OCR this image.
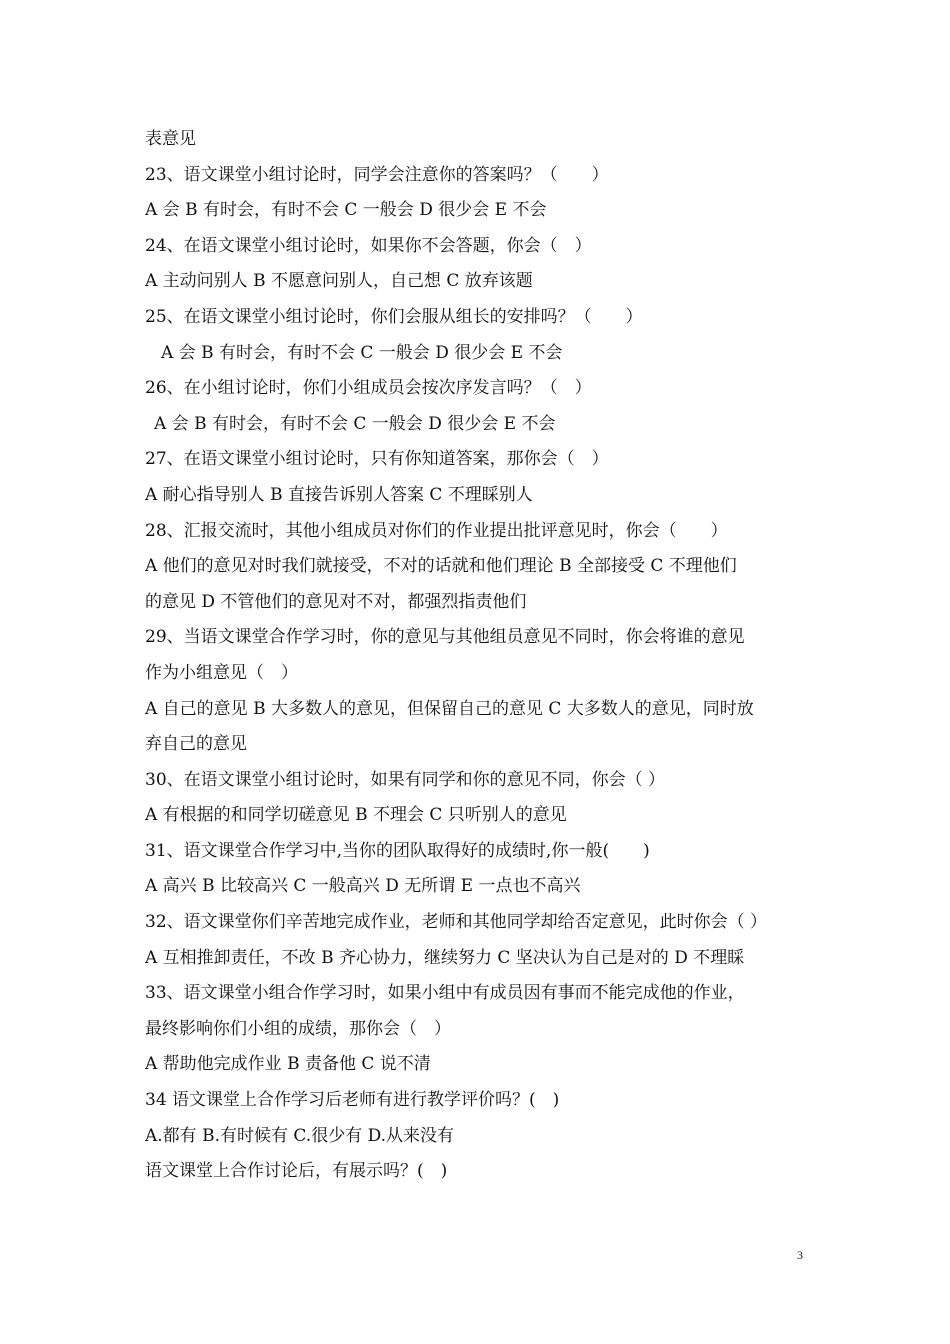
表意见
23、语文课堂小组讨论时，同学会注意你的答案吗？（　　）
A 会 B 有时会，有时不会 C 一般会 D 很少会 E 不会
24、在语文课堂小组讨论时，如果你不会答题，你会（　）
A 主动问别人 B 不愿意问别人，自己想 C 放弃该题
25、在语文课堂小组讨论时，你们会服从组长的安排吗？（　　）
A 会 B 有时会，有时不会 C 一般会 D 很少会 E 不会
26、在小组讨论时，你们小组成员会按次序发言吗？（　）
A 会 B 有时会，有时不会 C 一般会 D 很少会 E 不会
27、在语文课堂小组讨论时，只有你知道答案，那你会（　）
A 耐心指导别人 B 直接告诉别人答案 C 不理睬别人
28、汇报交流时，其他小组成员对你们的作业提出批评意见时，你会（　　）
A 他们的意见对时我们就接受，不对的话就和他们理论 B 全部接受 C 不理他们
的意见 D 不管他们的意见对不对，都强烈指责他们
29、当语文课堂合作学习时，你的意见与其他组员意见不同时，你会将谁的意见
作为小组意见（　）
A 自己的意见 B 大多数人的意见，但保留自己的意见 C 大多数人的意见，同时放
弃自己的意见
30、在语文课堂小组讨论时，如果有同学和你的意见不同，你会（ ）
A 有根据的和同学切磋意见 B 不理会 C 只听别人的意见
31、语文课堂合作学习中,当你的团队取得好的成绩时,你一般(　　)
A 高兴 B 比较高兴 C 一般高兴 D 无所谓 E 一点也不高兴
32、语文课堂你们辛苦地完成作业，老师和其他同学却给否定意见，此时你会（ ）
A 互相推卸责任，不改 B 齐心协力，继续努力 C 坚决认为自己是对的 D 不理睬
33、语文课堂小组合作学习时，如果小组中有成员因有事而不能完成他的作业，
最终影响你们小组的成绩，那你会（　）
A 帮助他完成作业 B 责备他 C 说不清
34 语文课堂上合作学习后老师有进行教学评价吗？(　)
A.都有 B.有时候有 C.很少有 D.从来没有
语文课堂上合作讨论后，有展示吗？(　)
3
